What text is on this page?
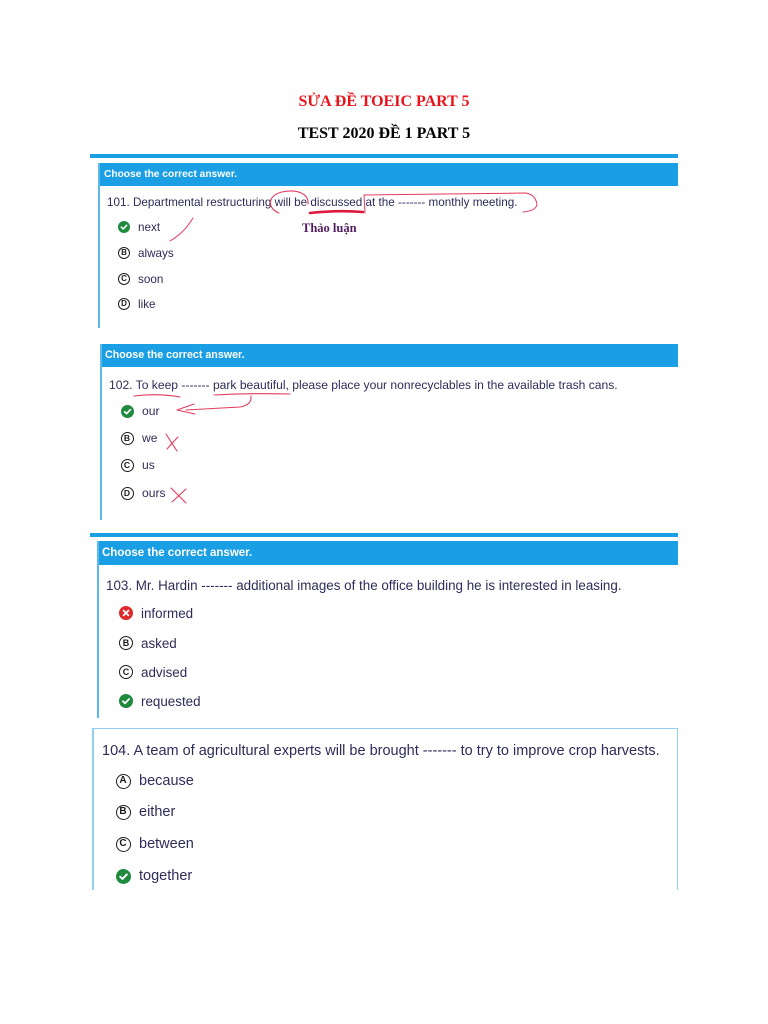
SỬA ĐỀ TOEIC PART 5
TEST 2020 ĐỀ 1 PART 5
Choose the correct answer.

101. Departmental restructuring will be discussed at the ------- monthly meeting.

next
B always
C soon
D like
Choose the correct answer.

102. To keep ------- park beautiful, please place your nonrecyclables in the available trash cans.

our
B we
C us
D ours
Choose the correct answer.

103. Mr. Hardin ------- additional images of the office building he is interested in leasing.

informed
B asked
C advised
requested

104. A team of agricultural experts will be brought ------- to try to improve crop harvests.

A because
B either
C between
together
Thảo luận
